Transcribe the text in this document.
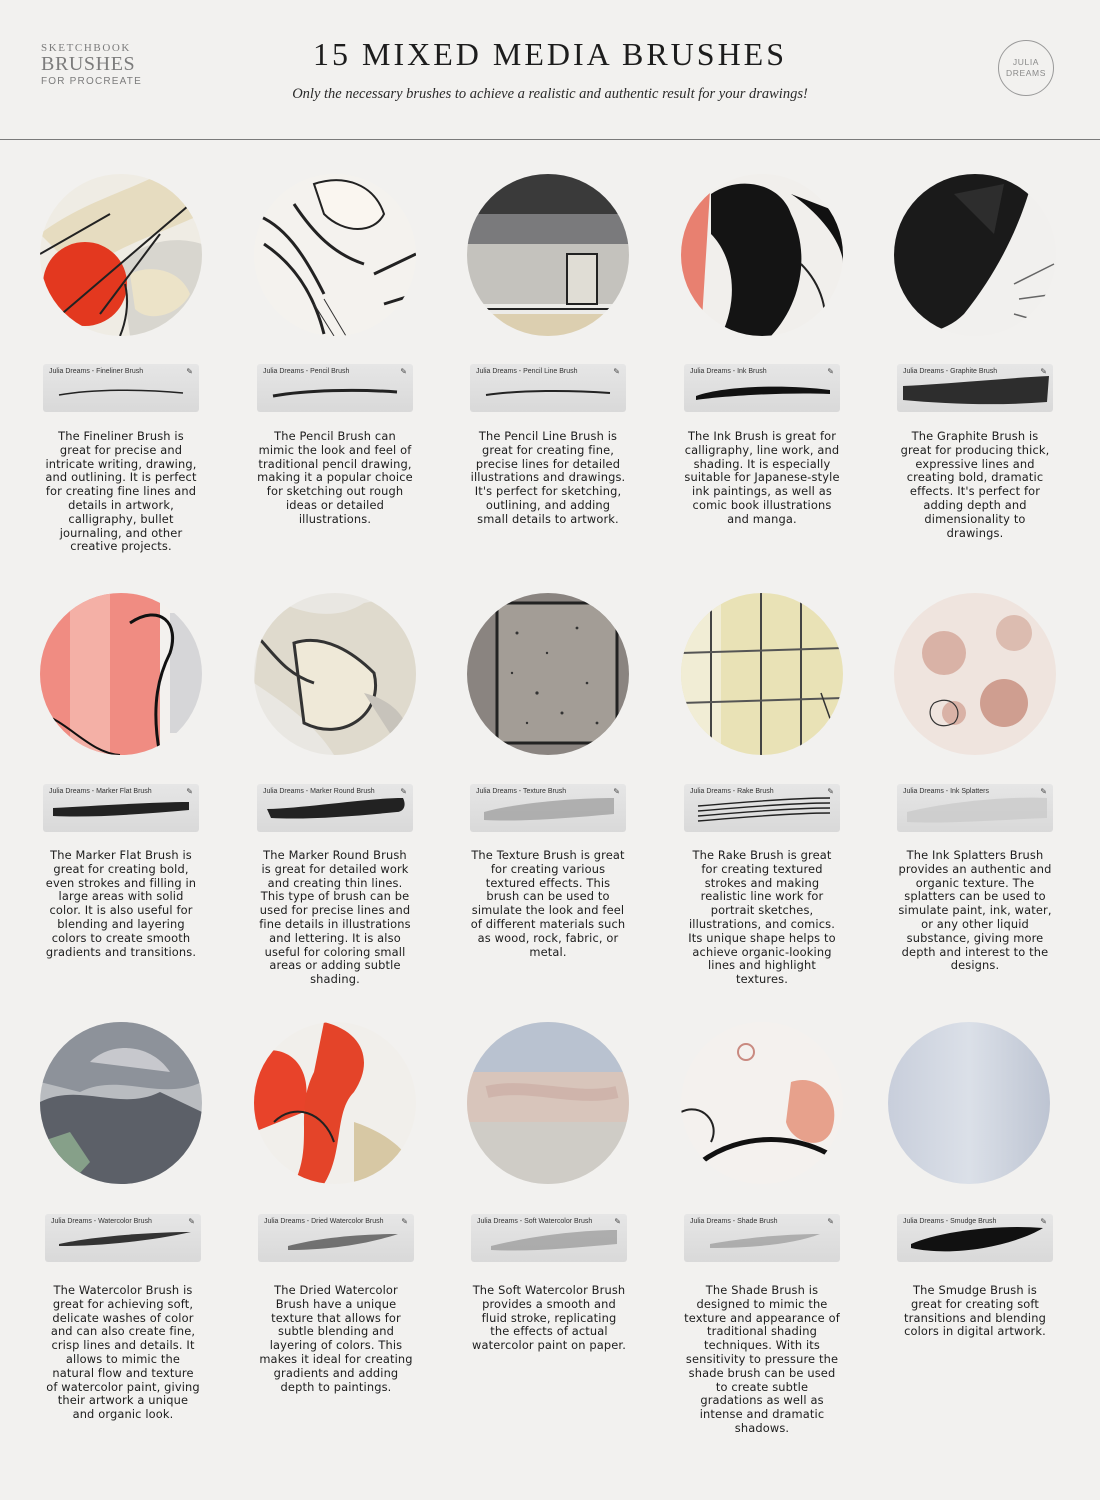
SKETCHBOOK
BRUSHES
FOR PROCREATE
15 MIXED MEDIA BRUSHES
Only the necessary brushes to achieve a realistic and authentic result for your drawings!
JULIA
DREAMS
Julia Dreams - Fineliner Brush	✎
The Fineliner Brush is great for precise and intricate writing, drawing, and outlining. It is perfect for creating fine lines and details in artwork, calligraphy, bullet journaling, and other creative projects.
Julia Dreams - Pencil Brush	✎
The Pencil Brush can mimic the look and feel of traditional pencil drawing, making it a popular choice for sketching out rough ideas or detailed illustrations.
Julia Dreams - Pencil Line Brush	✎
The Pencil Line Brush is great for creating fine, precise lines for detailed illustrations and drawings. It's perfect for sketching, outlining, and adding small details to artwork.
Julia Dreams - Ink Brush	✎
The Ink Brush is great for calligraphy, line work, and shading. It is especially suitable for Japanese-style ink paintings, as well as comic book illustrations and manga.
Julia Dreams - Graphite Brush	✎
The Graphite Brush is great for producing thick, expressive lines and creating bold, dramatic effects. It's perfect for adding depth and dimensionality to drawings.
Julia Dreams - Marker Flat Brush	✎
The Marker Flat Brush is great for creating bold, even strokes and filling in large areas with solid color. It is also useful for blending and layering colors to create smooth gradients and transitions.
Julia Dreams - Marker Round Brush	✎
The Marker Round Brush is great for detailed work and creating thin lines. This type of brush can be used for precise lines and fine details in illustrations and lettering. It is also useful for coloring small areas or adding subtle shading.
Julia Dreams - Texture Brush	✎
The Texture Brush is great for creating various textured effects. This brush can be used to simulate the look and feel of different materials such as wood, rock, fabric, or metal.
Julia Dreams - Rake Brush	✎
The Rake Brush is great for creating textured strokes and making realistic line work for portrait sketches, illustrations, and comics. Its unique shape helps to achieve organic-looking lines and highlight textures.
Julia Dreams - Ink Splatters	✎
The Ink Splatters Brush provides an authentic and organic texture. The splatters can be used to simulate paint, ink, water, or any other liquid substance, giving more depth and interest to the designs.
Julia Dreams - Watercolor Brush	✎
The Watercolor Brush is great for achieving soft, delicate washes of color and can also create fine, crisp lines and details. It allows to mimic the natural flow and texture of watercolor paint, giving their artwork a unique and organic look.
Julia Dreams - Dried Watercolor Brush ✎
The Dried Watercolor Brush have a unique texture that allows for subtle blending and layering of colors. This makes it ideal for creating gradients and adding depth to paintings.
Julia Dreams - Soft Watercolor Brush	✎
The Soft Watercolor Brush provides a smooth and fluid stroke, replicating the effects of actual watercolor paint on paper.
Julia Dreams - Shade Brush	✎
The Shade Brush is designed to mimic the texture and appearance of traditional shading techniques. With its sensitivity to pressure the shade brush can be used to create subtle gradations as well as intense and dramatic shadows.
Julia Dreams - Smudge Brush	✎
The Smudge Brush is great for creating soft transitions and blending colors in digital artwork.
